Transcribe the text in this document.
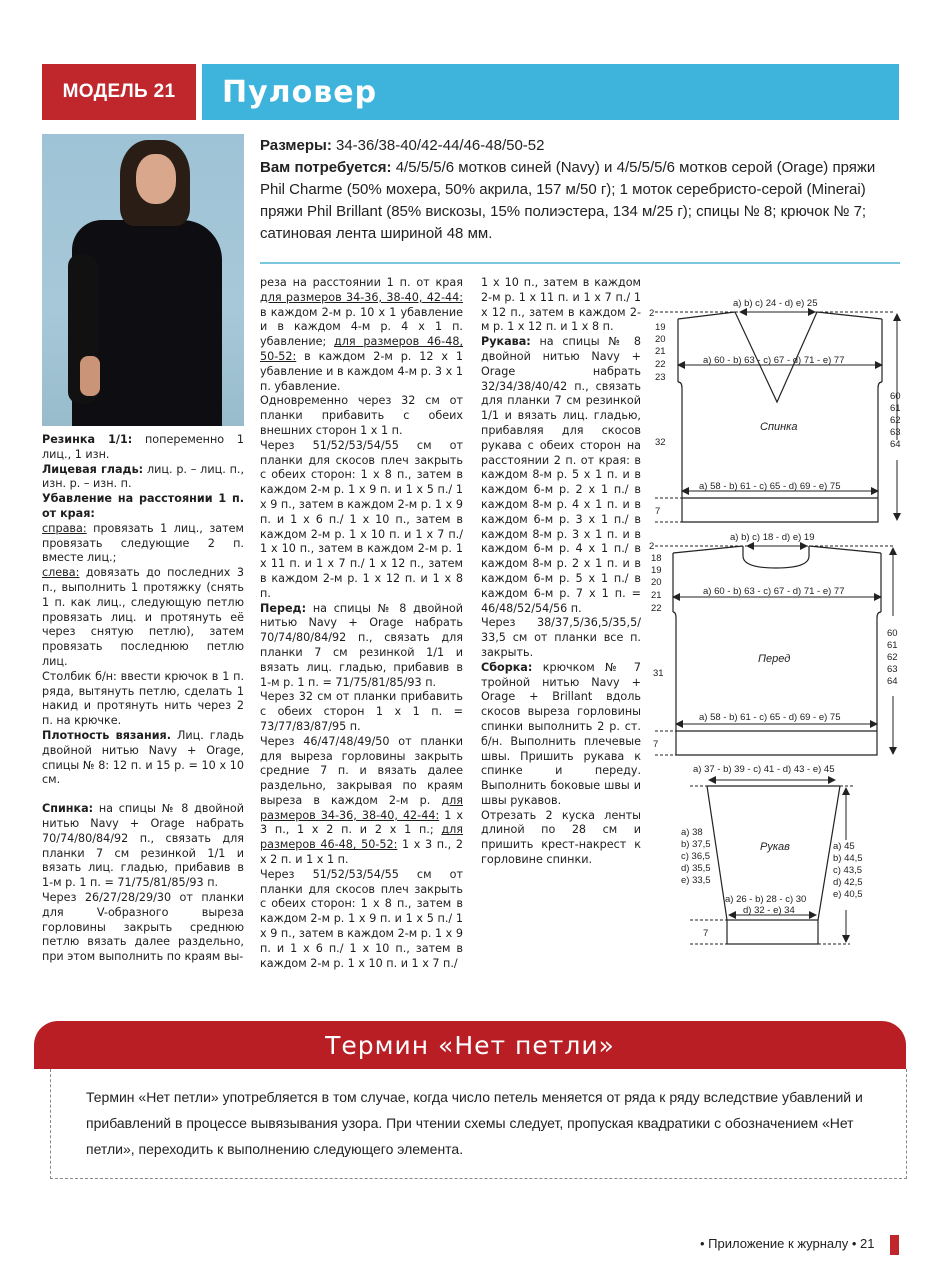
МОДЕЛЬ 21	Пуловер
Размеры: 34-36/38-40/42-44/46-48/50-52
Вам потребуется: 4/5/5/5/6 мотков синей (Navy) и 4/5/5/5/6 мотков серой (Orage) пряжи Phil Charme (50% мохера, 50% акрила, 157 м/50 г); 1 моток серебристо-серой (Minerai) пряжи Phil Brillant (85% вискозы, 15% полиэстера, 134 м/25 г); спицы № 8; крючок № 7; сатиновая лента шириной 48 мм.

Резинка 1/1: попеременно 1 лиц., 1 изн.

Лицевая гладь: лиц. р. – лиц. п., изн. р. – изн. п.

Убавление на расстоянии 1 п. от края:

справа: провязать 1 лиц., затем провязать следующие 2 п. вместе лиц.;

слева: довязать до последних 3 п., выполнить 1 протяжку (снять 1 п. как лиц., следующую петлю провязать лиц. и протянуть её через снятую петлю), затем провязать последнюю петлю лиц.

Столбик б/н: ввести крючок в 1 п. ряда, вытянуть петлю, сделать 1 накид и протянуть нить через 2 п. на крючке.

Плотность вязания. Лиц. гладь двойной нитью Navy + Orage, спицы № 8: 12 п. и 15 р. = 10 х 10 см.

Спинка: на спицы № 8 двойной нитью Navy + Orage набрать 70/74/80/84/92 п., связать для планки 7 см резинкой 1/1 и вязать лиц. гладью, прибавив в 1-м р. 1 п. = 71/75/81/85/93 п.

Через 26/27/28/29/30 от планки для V-образного выреза горловины закрыть среднюю петлю вязать далее раздельно, при этом выполнить по краям вы-

реза на расстоянии 1 п. от края для размеров 34-36, 38-40, 42-44: в каждом 2-м р. 10 х 1 убавление и в каждом 4-м р. 4 х 1 п. убавление; для размеров 46-48, 50-52: в каждом 2-м р. 12 х 1 убавление и в каждом 4-м р. 3 х 1 п. убавление.

Одновременно через 32 см от планки прибавить с обеих внешних сторон 1 х 1 п.

Через 51/52/53/54/55 см от планки для скосов плеч закрыть с обеих сторон: 1 х 8 п., затем в каждом 2-м р. 1 х 9 п. и 1 х 5 п./ 1 х 9 п., затем в каждом 2-м р. 1 х 9 п. и 1 х 6 п./ 1 х 10 п., затем в каждом 2-м р. 1 х 10 п. и 1 х 7 п./ 1 х 10 п., затем в каждом 2-м р. 1 х 11 п. и 1 х 7 п./ 1 х 12 п., затем в каждом 2-м р. 1 х 12 п. и 1 х 8 п.

Перед: на спицы № 8 двойной нитью Navy + Orage набрать 70/74/80/84/92 п., связать для планки 7 см резинкой 1/1 и вязать лиц. гладью, прибавив в 1-м р. 1 п. = 71/75/81/85/93 п.

Через 32 см от планки прибавить с обеих сторон 1 х 1 п. = 73/77/83/87/95 п.

Через 46/47/48/49/50 от планки для выреза горловины закрыть средние 7 п. и вязать далее раздельно, закрывая по краям выреза в каждом 2-м р. для размеров 34-36, 38-40, 42-44: 1 х 3 п., 1 х 2 п. и 2 х 1 п.; для размеров 46-48, 50-52: 1 х 3 п., 2 х 2 п. и 1 х 1 п.

Через 51/52/53/54/55 см от планки для скосов плеч закрыть с обеих сторон: 1 х 8 п., затем в каждом 2-м р. 1 х 9 п. и 1 х 5 п./ 1 х 9 п., затем в каждом 2-м р. 1 х 9 п. и 1 х 6 п./ 1 х 10 п., затем в каждом 2-м р. 1 х 10 п. и 1 х 7 п./

1 х 10 п., затем в каждом 2-м р. 1 х 11 п. и 1 х 7 п./ 1 х 12 п., затем в каждом 2-м р. 1 х 12 п. и 1 х 8 п.

Рукава: на спицы № 8 двойной нитью Navy + Orage набрать 32/34/38/40/42 п., связать для планки 7 см резинкой 1/1 и вязать лиц. гладью, прибавляя для скосов рукава с обеих сторон на расстоянии 2 п. от края: в каждом 8-м р. 5 х 1 п. и в каждом 6-м р. 2 х 1 п./ в каждом 8-м р. 4 х 1 п. и в каждом 6-м р. 3 х 1 п./ в каждом 8-м р. 3 х 1 п. и в каждом 6-м р. 4 х 1 п./ в каждом 8-м р. 2 х 1 п. и в каждом 6-м р. 5 х 1 п./ в каждом 6-м р. 7 х 1 п. = 46/48/52/54/56 п.

Через 38/37,5/36,5/35,5/ 33,5 см от планки все п. закрыть.

Сборка: крючком № 7 тройной нитью Navy + Orage + Brillant вдоль скосов выреза горловины спинки выполнить 2 р. ст. б/н. Выполнить плечевые швы. Пришить рукава к спинке и переду. Выполнить боковые швы и швы рукавов.

Отрезать 2 куска ленты длиной по 28 см и пришить крест-накрест к горловине спинки.

a) b) c) 24 - d) e) 25
a) 60 - b) 63 - c) 67 - d) 71 - e) 77
a) 58 - b) 61 - c) 65 - d) 69 - e) 75
Спинка
2
19
20
21
22
23
32
7
60
61
62
63
64
a) b) c) 18 - d) e) 19
a) 60 - b) 63 - c) 67 - d) 71 - e) 77
a) 58 - b) 61 - c) 65 - d) 69 - e) 75
Перед
2
18
19
20
21
22
31
7
60
61
62
63
64
a) 37 - b) 39 - c) 41 - d) 43 - e) 45
Рукав
a) 26 - b) 28 - c) 30
d) 32 - e) 34
a) 38
b) 37,5
c) 36,5
d) 35,5
e) 33,5
a) 45
b) 44,5
c) 43,5
d) 42,5
e) 40,5
7
Термин «Нет петли»
Термин «Нет петли» употребляется в том случае, когда число петель меняется от ряда к ряду вследствие убавлений и прибавлений в процессе вывязывания узора. При чтении схемы следует, пропуская квадратики с обозначением «Нет петли», переходить к выполнению следующего элемента.
• Приложение к журналу • 21
